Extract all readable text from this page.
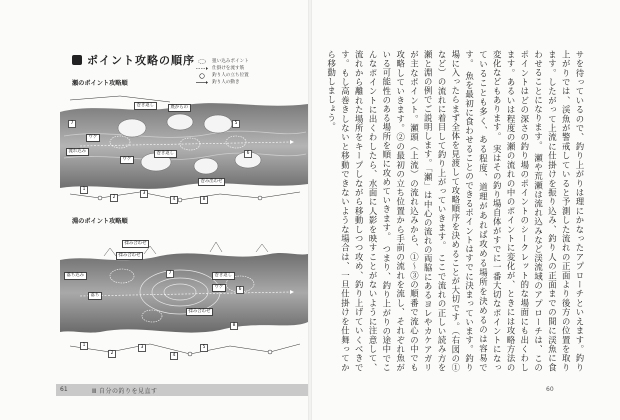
ポイント攻略の順序	狙い込みポイント
仕掛けを流す筋
釣り人の立ち位置
釣り人の動き
瀬のポイント攻略順
巻き返し	底からの
ウケ
流れ込み	巻き返し
ウケ
巻み出わせ
1
2
3
4
5
6
7
8
淵のポイント攻略順
揉み合わせ
揉み合わせ
落ち込み
落ち
巻き返し
ウケ
揉み合わせ
1
2
3
4
5
6
7
8
61	Ⅲ 自分の釣りを見直す
サを待っているので、釣り上がりは理にかなったアプローチといえます。釣り上がりでは、渓魚が警戒していると予測した流れの正面より後方の位置を取ります。したがって上流に仕掛けを振り込み、釣り人の正面までの間に渓魚に食わせることになります。 瀬や荒瀬は流れ込みなど渓流域のアプローチは、このポイントはどの深さの釣り場のポイントのシークレット的な場面にも出くわします。あるいは程度の瀬の流れの中のポイントに変化が、ときには攻略方法の変化などもあります。 実はその釣り場自体がすでに一番大切なポイントになっていることも多く、ある程度、道理があれば攻める場所を決めるのは容易です。 魚を最初に食わせることのできるポイントはすでに決まっています。釣り場に入ったらまず全体を見渡して攻略順序を決めることが大切です。（右図の①など）の流れに着目して釣り上がっていきます。 ここで流れの正しい読み方を瀬と淵の例でご説明します。「瀬」は中心の流れの両脇にあるヨレやカケアガリが主なポイント。瀬頭（上流）の流れ込みから、①〜③の順番で流心の中でも攻略していきます。②の最初の立ち位置から手前の流れを流し、それぞれ魚がいる可能性のある場所を順に攻めていきます。 つまり、釣り上がりの途中でこんなポイントに出くわしたら、水面に人影を映すことがないように注意して、流れから離れた場所をキープしながら移動しつつ攻め、釣り上げていくべきです。もし高巻きしないと移動できないような場合は、一旦仕掛けを仕舞ってから移動しましょう。
60
